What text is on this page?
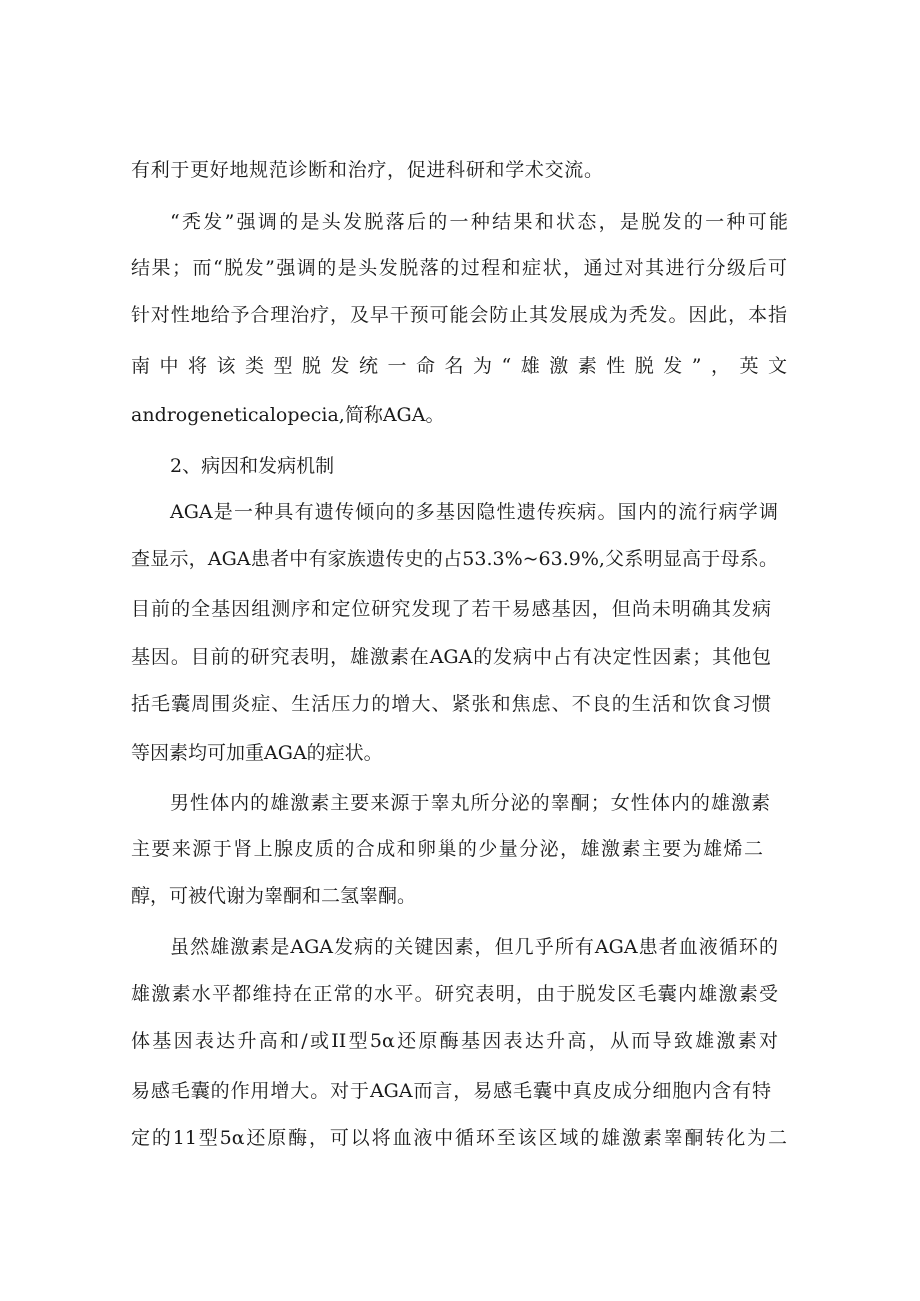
有利于更好地规范诊断和治疗，促进科研和学术交流。

“秃发”强调的是头发脱落后的一种结果和状态，是脱发的一种可能

结果；而“脱发”强调的是头发脱落的过程和症状，通过对其进行分级后可

针对性地给予合理治疗，及早干预可能会防止其发展成为秃发。因此，本指

南中将该类型脱发统一命名为“雄激素性脱发”，英文

androgeneticalopecia,简称AGA。

2、病因和发病机制

AGA是一种具有遗传倾向的多基因隐性遗传疾病。国内的流行病学调

查显示，AGA患者中有家族遗传史的占53.3%~63.9%,父系明显高于母系。

目前的全基因组测序和定位研究发现了若干易感基因，但尚未明确其发病

基因。目前的研究表明，雄激素在AGA的发病中占有决定性因素；其他包

括毛囊周围炎症、生活压力的增大、紧张和焦虑、不良的生活和饮食习惯

等因素均可加重AGA的症状。

男性体内的雄激素主要来源于睾丸所分泌的睾酮；女性体内的雄激素

主要来源于肾上腺皮质的合成和卵巢的少量分泌，雄激素主要为雄烯二

醇，可被代谢为睾酮和二氢睾酮。

虽然雄激素是AGA发病的关键因素，但几乎所有AGA患者血液循环的

雄激素水平都维持在正常的水平。研究表明，由于脱发区毛囊内雄激素受

体基因表达升高和/或II型5α还原酶基因表达升高，从而导致雄激素对

易感毛囊的作用增大。对于AGA而言，易感毛囊中真皮成分细胞内含有特

定的11型5α还原酶，可以将血液中循环至该区域的雄激素睾酮转化为二
